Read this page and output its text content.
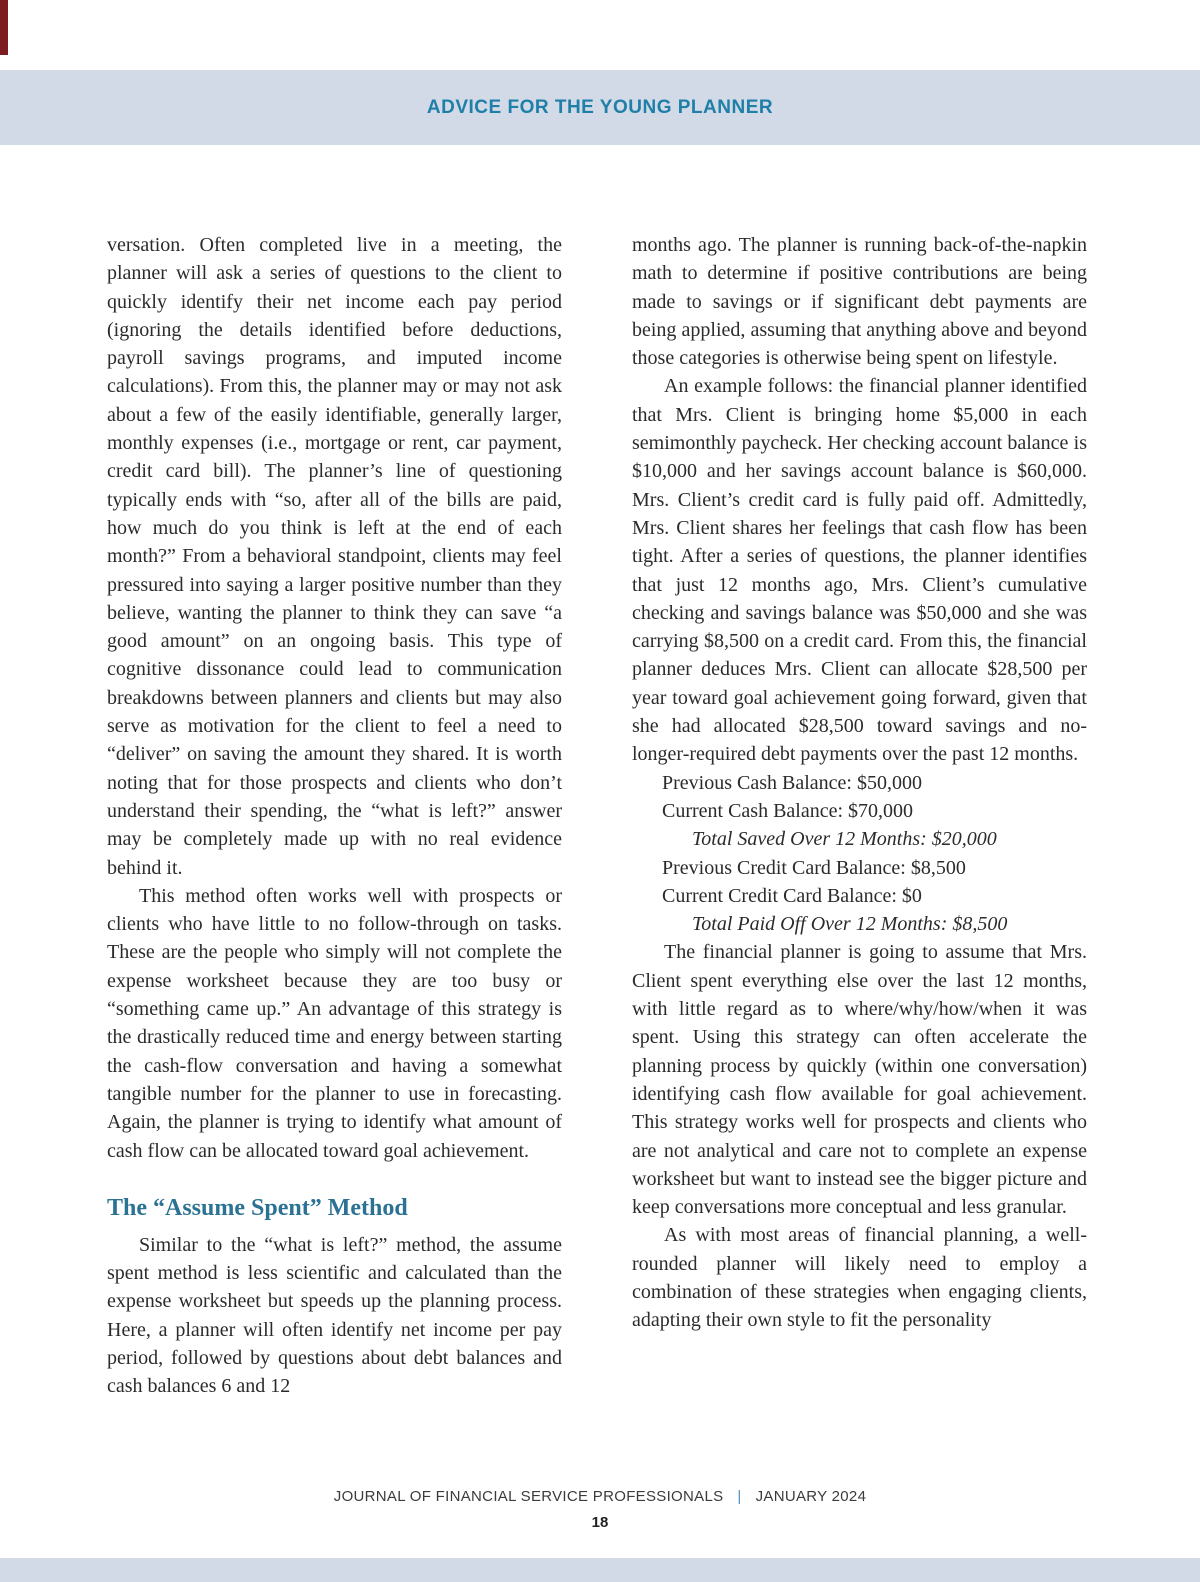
ADVICE FOR THE YOUNG PLANNER

versation. Often completed live in a meeting, the planner will ask a series of questions to the client to quickly identify their net income each pay period (ignoring the details identified before deductions, payroll savings programs, and imputed income calculations). From this, the planner may or may not ask about a few of the easily identifiable, generally larger, monthly expenses (i.e., mortgage or rent, car payment, credit card bill). The planner’s line of questioning typically ends with “so, after all of the bills are paid, how much do you think is left at the end of each month?” From a behavioral standpoint, clients may feel pressured into saying a larger positive number than they believe, wanting the planner to think they can save “a good amount” on an ongoing basis. This type of cognitive dissonance could lead to communication breakdowns between planners and clients but may also serve as motivation for the client to feel a need to “deliver” on saving the amount they shared. It is worth noting that for those prospects and clients who don’t understand their spending, the “what is left?” answer may be completely made up with no real evidence behind it.

This method often works well with prospects or clients who have little to no follow-through on tasks. These are the people who simply will not complete the expense worksheet because they are too busy or “something came up.” An advantage of this strategy is the drastically reduced time and energy between starting the cash-flow conversation and having a somewhat tangible number for the planner to use in forecasting. Again, the planner is trying to identify what amount of cash flow can be allocated toward goal achievement.

The “Assume Spent” Method

Similar to the “what is left?” method, the assume spent method is less scientific and calculated than the expense worksheet but speeds up the planning process. Here, a planner will often identify net income per pay period, followed by questions about debt balances and cash balances 6 and 12

months ago. The planner is running back-of-the-napkin math to determine if positive contributions are being made to savings or if significant debt payments are being applied, assuming that anything above and beyond those categories is otherwise being spent on lifestyle.

An example follows: the financial planner identified that Mrs. Client is bringing home $5,000 in each semimonthly paycheck. Her checking account balance is $10,000 and her savings account balance is $60,000. Mrs. Client’s credit card is fully paid off. Admittedly, Mrs. Client shares her feelings that cash flow has been tight. After a series of questions, the planner identifies that just 12 months ago, Mrs. Client’s cumulative checking and savings balance was $50,000 and she was carrying $8,500 on a credit card. From this, the financial planner deduces Mrs. Client can allocate $28,500 per year toward goal achievement going forward, given that she had allocated $28,500 toward savings and no-longer-required debt payments over the past 12 months.

Previous Cash Balance: $50,000
Current Cash Balance: $70,000
Total Saved Over 12 Months: $20,000
Previous Credit Card Balance: $8,500
Current Credit Card Balance: $0
Total Paid Off Over 12 Months: $8,500

The financial planner is going to assume that Mrs. Client spent everything else over the last 12 months, with little regard as to where/why/how/when it was spent. Using this strategy can often accelerate the planning process by quickly (within one conversation) identifying cash flow available for goal achievement. This strategy works well for prospects and clients who are not analytical and care not to complete an expense worksheet but want to instead see the bigger picture and keep conversations more conceptual and less granular.

As with most areas of financial planning, a well-rounded planner will likely need to employ a combination of these strategies when engaging clients, adapting their own style to fit the personality

JOURNAL OF FINANCIAL SERVICE PROFESSIONALS | JANUARY 2024
18
